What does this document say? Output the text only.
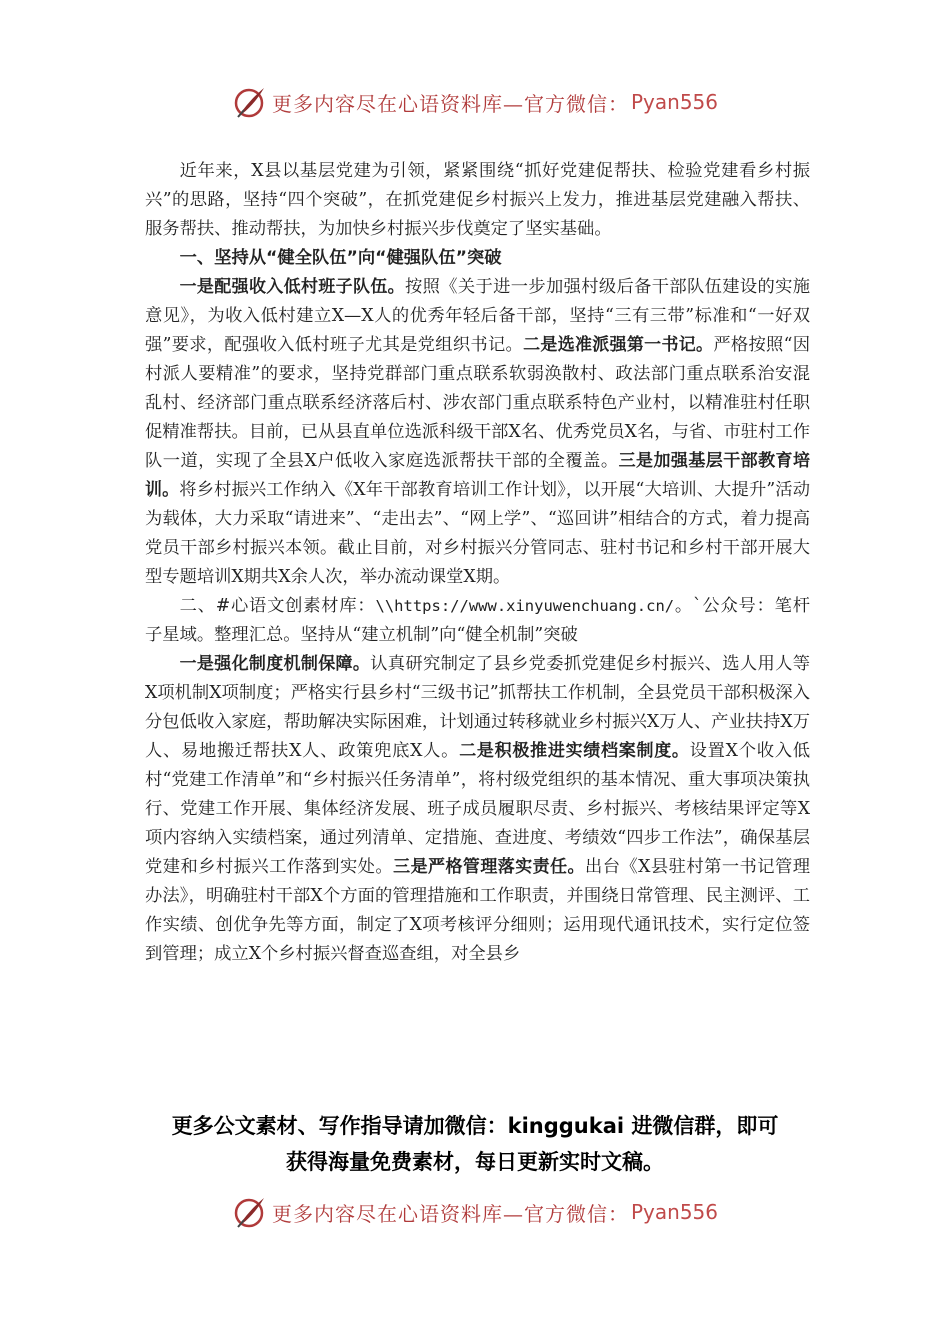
更多内容尽在心语资料库—官方微信： Pyan556

近年来，X县以基层党建为引领，紧紧围绕“抓好党建促帮扶、检验党建看乡村振兴”的思路，坚持“四个突破”，在抓党建促乡村振兴上发力，推进基层党建融入帮扶、服务帮扶、推动帮扶，为加快乡村振兴步伐奠定了坚实基础。

一、坚持从“健全队伍”向“健强队伍”突破

一是配强收入低村班子队伍。按照《关于进一步加强村级后备干部队伍建设的实施意见》，为收入低村建立X—X人的优秀年轻后备干部，坚持“三有三带”标准和“一好双强”要求，配强收入低村班子尤其是党组织书记。二是选准派强第一书记。严格按照“因村派人要精准”的要求，坚持党群部门重点联系软弱涣散村、政法部门重点联系治安混乱村、经济部门重点联系经济落后村、涉农部门重点联系特色产业村，以精准驻村任职促精准帮扶。目前，已从县直单位选派科级干部X名、优秀党员X名，与省、市驻村工作队一道，实现了全县X户低收入家庭选派帮扶干部的全覆盖。三是加强基层干部教育培训。将乡村振兴工作纳入《X年干部教育培训工作计划》，以开展“大培训、大提升”活动为载体，大力采取“请进来”、“走出去”、“网上学”、“巡回讲”相结合的方式，着力提高党员干部乡村振兴本领。截止目前，对乡村振兴分管同志、驻村书记和乡村干部开展大型专题培训X期共X余人次，举办流动课堂X期。

二、#心语文创素材库：\\https://www.xinyuwenchuang.cn/。`公众号：笔杆子星域。整理汇总。坚持从“建立机制”向“健全机制”突破

一是强化制度机制保障。认真研究制定了县乡党委抓党建促乡村振兴、选人用人等X项机制X项制度；严格实行县乡村“三级书记”抓帮扶工作机制，全县党员干部积极深入分包低收入家庭，帮助解决实际困难，计划通过转移就业乡村振兴X万人、产业扶持X万人、易地搬迁帮扶X人、政策兜底X人。二是积极推进实绩档案制度。设置X个收入低村“党建工作清单”和“乡村振兴任务清单”，将村级党组织的基本情况、重大事项决策执行、党建工作开展、集体经济发展、班子成员履职尽责、乡村振兴、考核结果评定等X项内容纳入实绩档案，通过列清单、定措施、查进度、考绩效“四步工作法”，确保基层党建和乡村振兴工作落到实处。三是严格管理落实责任。出台《X县驻村第一书记管理办法》，明确驻村干部X个方面的管理措施和工作职责，并围绕日常管理、民主测评、工作实绩、创优争先等方面，制定了X项考核评分细则；运用现代通讯技术，实行定位签到管理；成立X个乡村振兴督查巡查组，对全县乡

更多公文素材、写作指导请加微信：kinggukai 进微信群，即可
获得海量免费素材，每日更新实时文稿。
更多内容尽在心语资料库—官方微信： Pyan556
